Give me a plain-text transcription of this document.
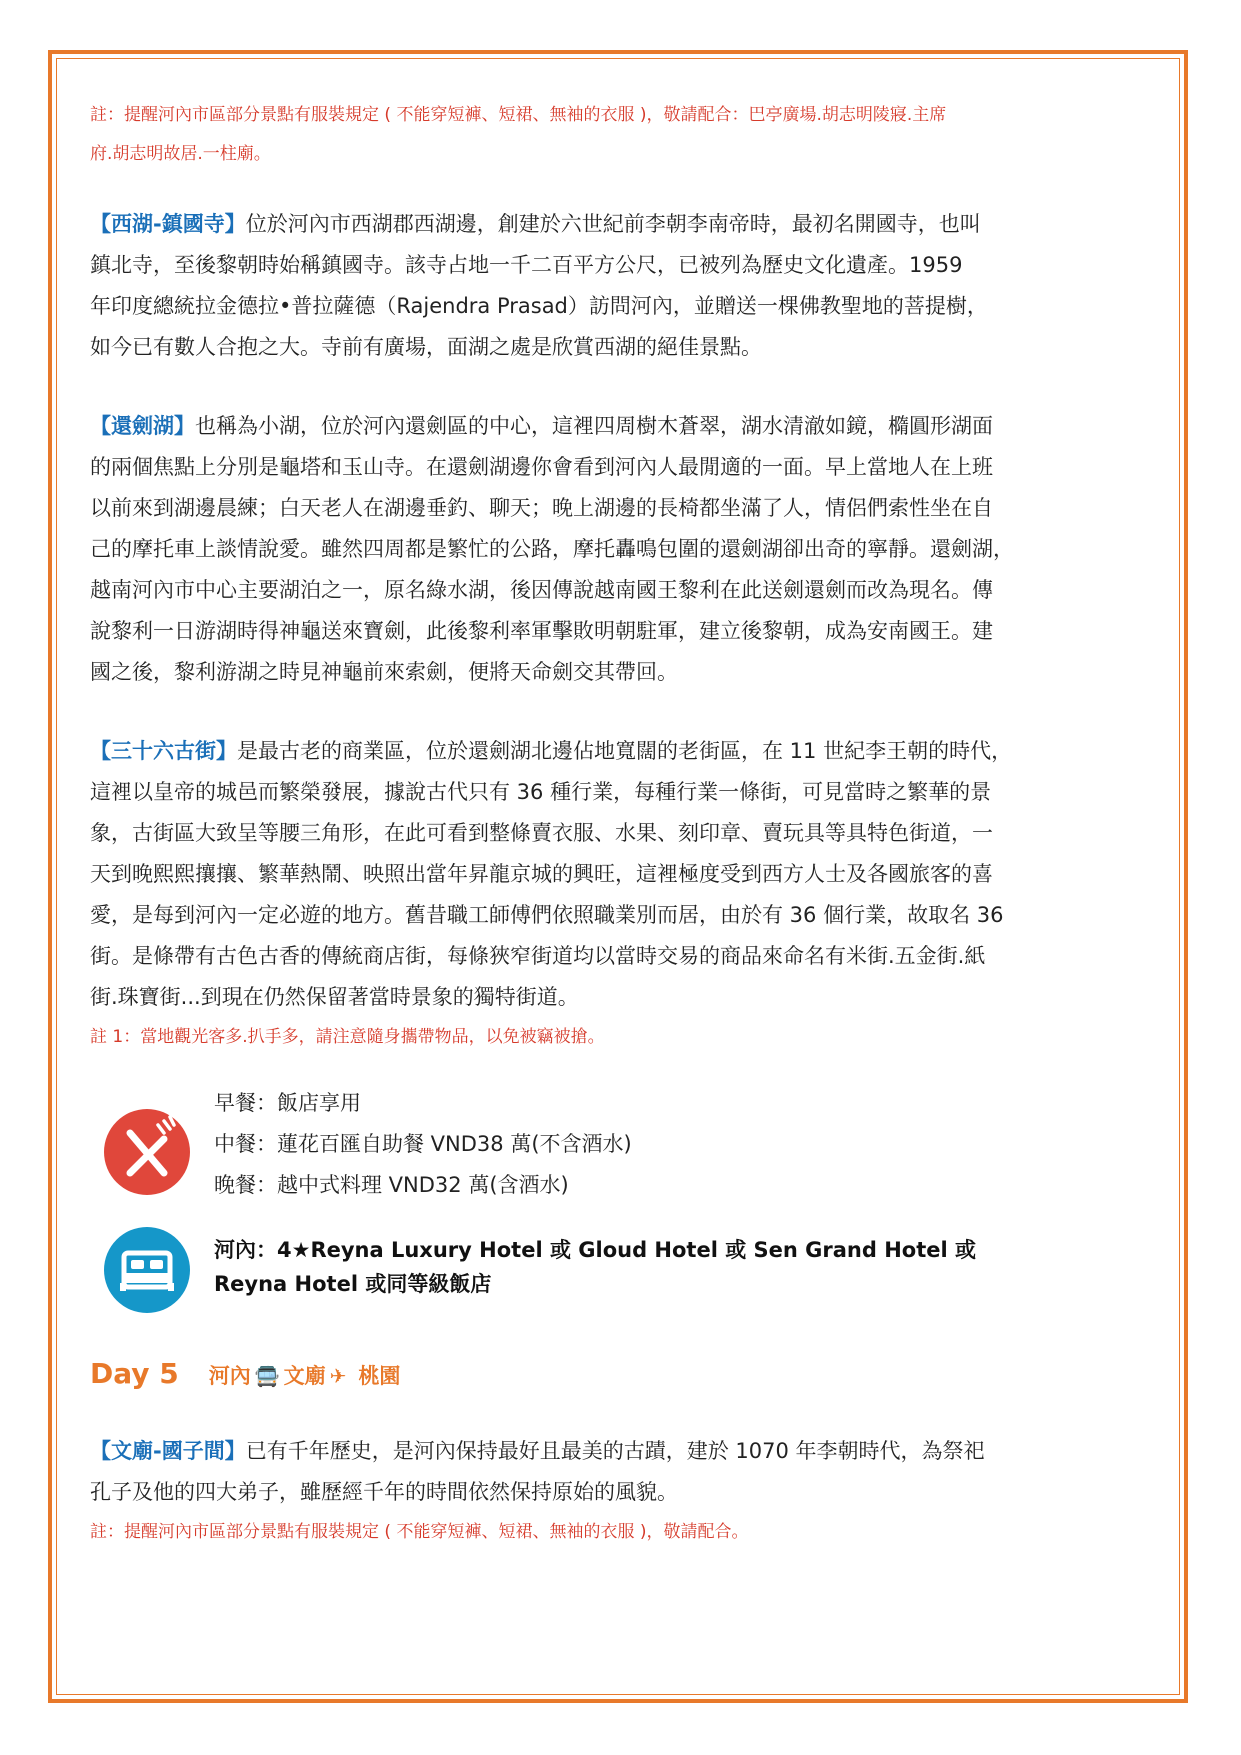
註：提醒河內市區部分景點有服裝規定 ( 不能穿短褲、短裙、無袖的衣服 )，敬請配合：巴亭廣場.胡志明陵寢.主席
府.胡志明故居.一柱廟。

【西湖-鎮國寺】位於河內市西湖郡西湖邊，創建於六世紀前李朝李南帝時，最初名開國寺，也叫
鎮北寺，至後黎朝時始稱鎮國寺。該寺占地一千二百平方公尺，已被列為歷史文化遺產。1959
年印度總統拉金德拉•普拉薩德（Rajendra Prasad）訪問河內，並贈送一棵佛教聖地的菩提樹，
如今已有數人合抱之大。寺前有廣場，面湖之處是欣賞西湖的絕佳景點。

【還劍湖】也稱為小湖，位於河內還劍區的中心，這裡四周樹木蒼翠，湖水清澈如鏡，橢圓形湖面
的兩個焦點上分別是龜塔和玉山寺。在還劍湖邊你會看到河內人最閒適的一面。早上當地人在上班
以前來到湖邊晨練；白天老人在湖邊垂釣、聊天；晚上湖邊的長椅都坐滿了人，情侶們索性坐在自
己的摩托車上談情說愛。雖然四周都是繁忙的公路，摩托轟鳴包圍的還劍湖卻出奇的寧靜。還劍湖，
越南河內市中心主要湖泊之一，原名綠水湖，後因傳說越南國王黎利在此送劍還劍而改為現名。傳
說黎利一日游湖時得神龜送來寶劍，此後黎利率軍擊敗明朝駐軍，建立後黎朝，成為安南國王。建
國之後，黎利游湖之時見神龜前來索劍，便將天命劍交其帶回。

【三十六古街】是最古老的商業區，位於還劍湖北邊佔地寬闊的老街區，在 11 世紀李王朝的時代，
這裡以皇帝的城邑而繁榮發展，據說古代只有 36 種行業，每種行業一條街，可見當時之繁華的景
象，古街區大致呈等腰三角形，在此可看到整條賣衣服、水果、刻印章、賣玩具等具特色街道，一
天到晚熙熙攘攘、繁華熱鬧、映照出當年昇龍京城的興旺，這裡極度受到西方人士及各國旅客的喜
愛，是每到河內一定必遊的地方。舊昔職工師傅們依照職業別而居，由於有 36 個行業，故取名 36
街。是條帶有古色古香的傳統商店街，每條狹窄街道均以當時交易的商品來命名有米街.五金街.紙
街.珠寶街...到現在仍然保留著當時景象的獨特街道。

註 1：當地觀光客多.扒手多，請注意隨身攜帶物品，以免被竊被搶。

早餐：飯店享用
中餐：蓮花百匯自助餐 VND38 萬(不含酒水)
晚餐：越中式料理 VND32 萬(含酒水)
河內：4★Reyna Luxury Hotel 或 Gloud Hotel 或 Sen Grand Hotel 或
Reyna Hotel 或同等級飯店
Day 5 河內 🚍 文廟 ✈ 桃園

【文廟-國子間】已有千年歷史，是河內保持最好且最美的古蹟，建於 1070 年李朝時代，為祭祀
孔子及他的四大弟子，雖歷經千年的時間依然保持原始的風貌。

註：提醒河內市區部分景點有服裝規定 ( 不能穿短褲、短裙、無袖的衣服 )，敬請配合。
